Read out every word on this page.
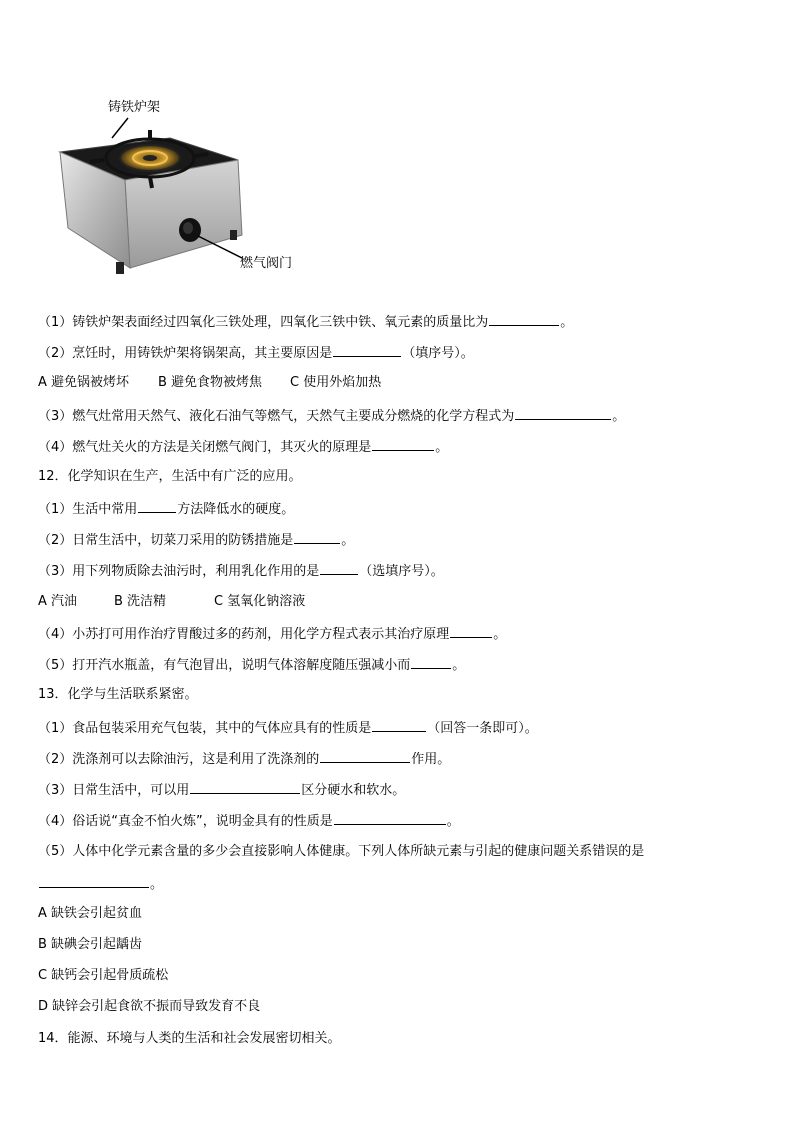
铸铁炉架
燃气阀门
（1）铸铁炉架表面经过四氧化三铁处理，四氧化三铁中铁、氧元素的质量比为	。
（2）烹饪时，用铸铁炉架将锅架高，其主要原因是	（填序号）。
A 避免锅被烤坏 B 避免食物被烤焦 C 使用外焰加热
（3）燃气灶常用天然气、液化石油气等燃气，天然气主要成分燃烧的化学方程式为	。
（4）燃气灶关火的方法是关闭燃气阀门，其灭火的原理是	。
12．化学知识在生产，生活中有广泛的应用。
（1）生活中常用	方法降低水的硬度。
（2）日常生活中，切菜刀采用的防锈措施是	。
（3）用下列物质除去油污时，利用乳化作用的是	（选填序号）。
A 汽油	B 洗洁精	C 氢氧化钠溶液
（4）小苏打可用作治疗胃酸过多的药剂，用化学方程式表示其治疗原理	。
（5）打开汽水瓶盖，有气泡冒出，说明气体溶解度随压强减小而	。
13．化学与生活联系紧密。
（1）食品包装采用充气包装，其中的气体应具有的性质是	（回答一条即可）。
（2）洗涤剂可以去除油污，这是利用了洗涤剂的	作用。
（3）日常生活中，可以用	区分硬水和软水。
（4）俗话说“真金不怕火炼”，说明金具有的性质是	。
（5）人体中化学元素含量的多少会直接影响人体健康。下列人体所缺元素与引起的健康问题关系错误的是
。
A 缺铁会引起贫血
B 缺碘会引起龋齿
C 缺钙会引起骨质疏松
D 缺锌会引起食欲不振而导致发育不良
14．能源、环境与人类的生活和社会发展密切相关。
